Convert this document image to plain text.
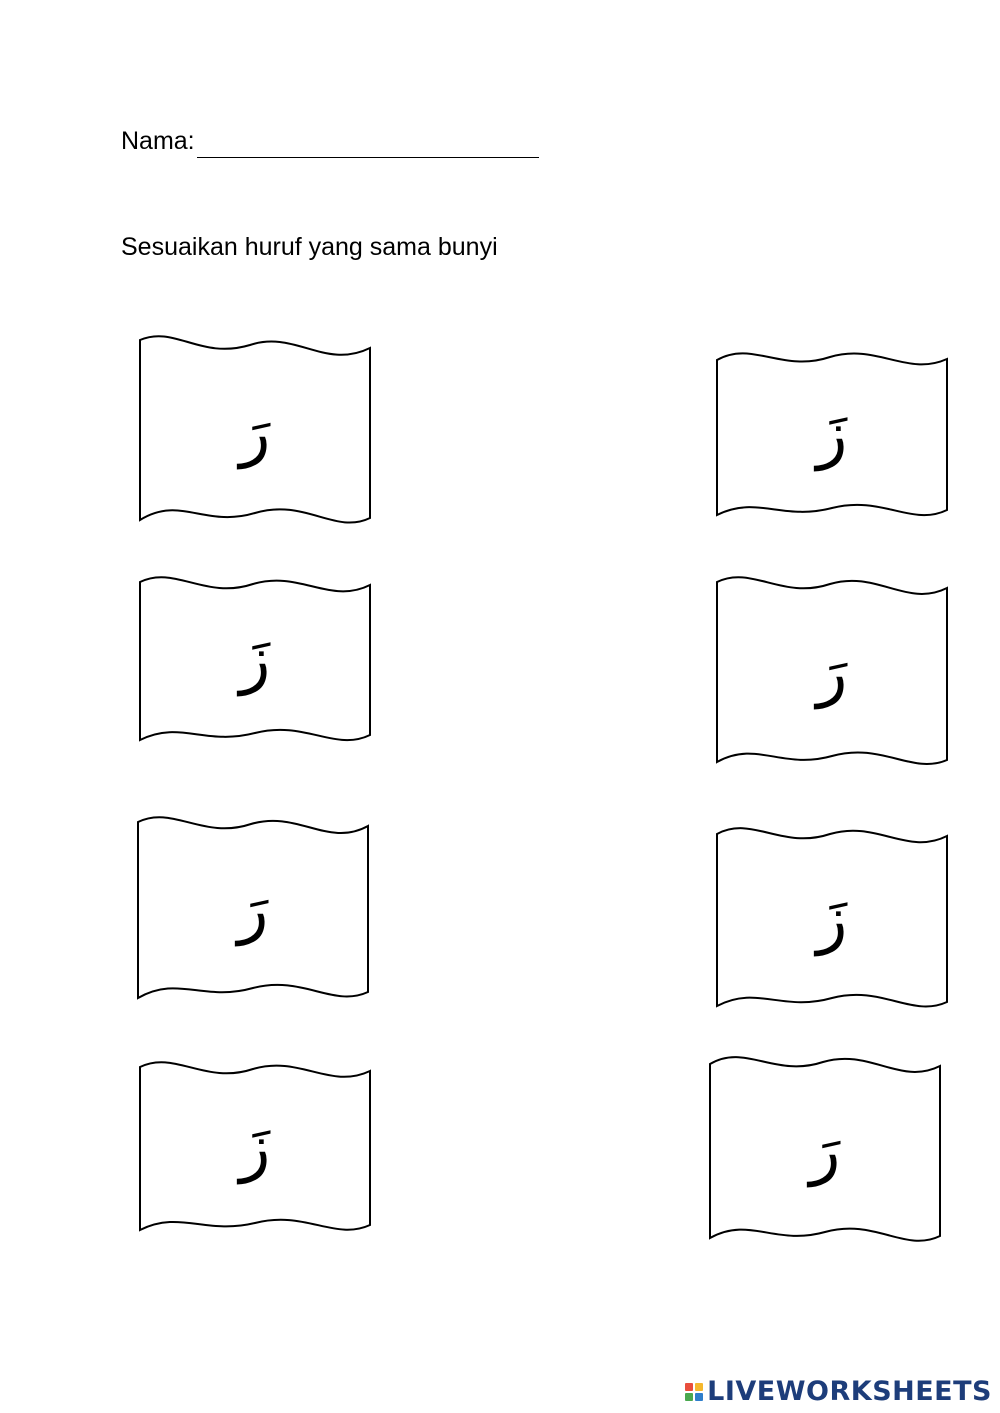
Nama:
Sesuaikan huruf yang sama bunyi
رَ
زَ
رَ
زَ
زَ
رَ
زَ
رَ
LIVEWORKSHEETS
